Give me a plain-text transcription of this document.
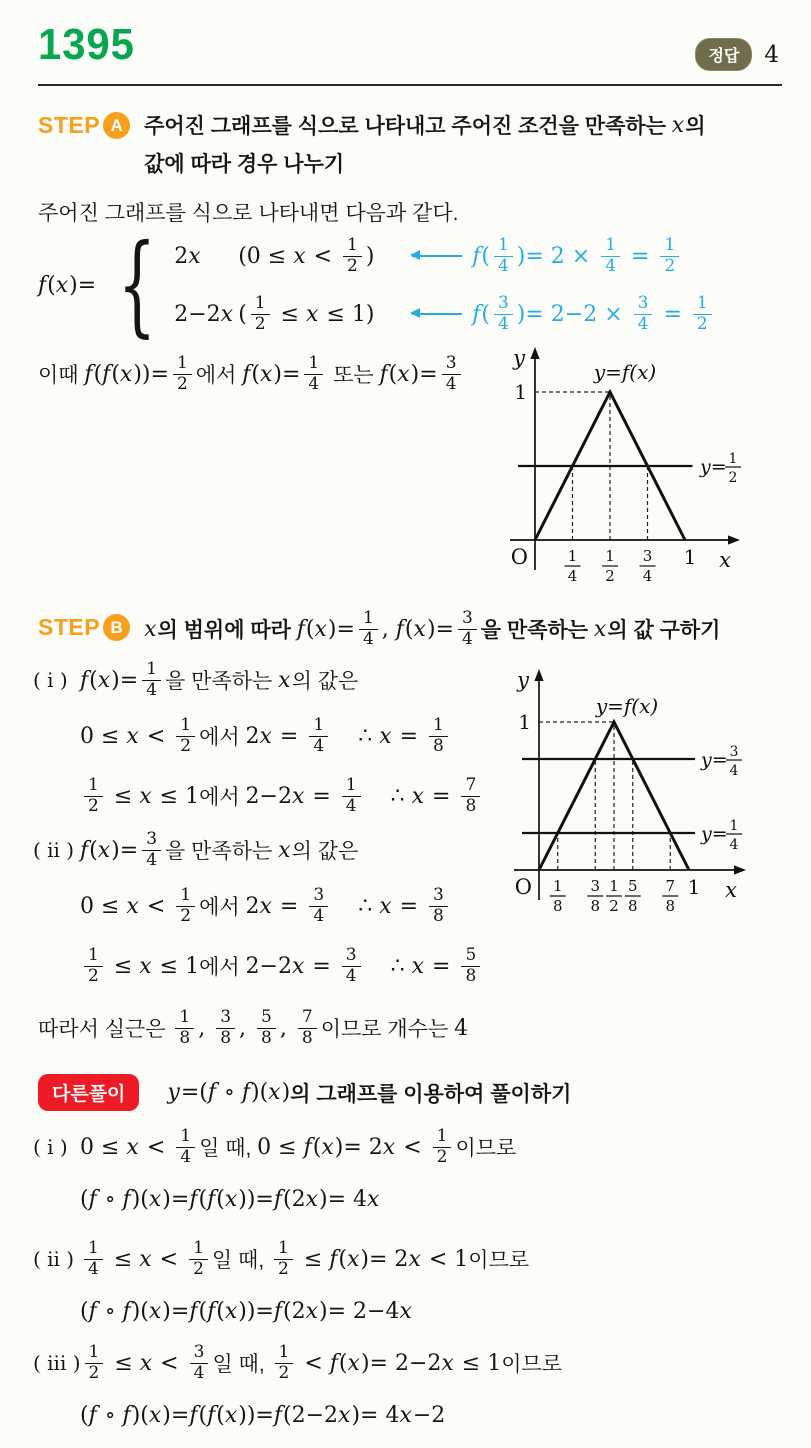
1395	정답	4
STEP A	주어진 그래프를 식으로 나타내고 주어진 조건을 만족하는 x 의
값에 따라 경우 나누기
주어진 그래프를 식으로 나타내면 다음과 같다.
f ( x )= { 2 x ($0 \le x < \frac{1}{2}$ )	f ( $\frac{1}{4}$ )= $2 \times \frac{1}{4} = \frac{1}{2}$
2−2 x ( $\frac{1}{2} \le x \le 1$)	f ( $\frac{3}{4}$ )= $2-2 \times \frac{3}{4} = \frac{1}{2}$
이때 f ( f ( x ))= $\frac{1}{2}$ 에서 f ( x )= $\frac{1}{4}$ 또는 f ( x )= $\frac{3}{4}$
x
y
O
1
y= 1
2
y=f(x)
1
4
1
2
3
4
1
STEP B x 의 범위에 따라 f ( x )= $\frac{1}{4}$ , f ( x )= $\frac{3}{4}$ 을 만족하는 x 의 값 구하기
( i ) f ( x )= $\frac{1}{4}$ 을 만족하는 x 의 값은
$0 \le x < \frac{1}{2}$ 에서 2 $x = \frac{1}{4}$ ∴ $x = \frac{1}{8}$
$\frac{1}{2} \le x \le 1$ 에서 2−2 $x = \frac{1}{4}$ ∴ $x = \frac{7}{8}$
x
y
O
1
y= 3
4
y= 1
4
y=f(x)
1
8
3
8
1
2
5
8
7
8
1
( ii ) f ( x )= $\frac{3}{4}$ 을 만족하는 x 의 값은
$0 \le x < \frac{1}{2}$ 에서 2 $x = \frac{3}{4}$ ∴ $x = \frac{3}{8}$
$\frac{1}{2} \le x \le 1$ 에서 2−2 $x = \frac{3}{4}$ ∴ $x = \frac{5}{8}$
따라서 실근은 $\frac{1}{8}$ , $\frac{3}{8}$ , $\frac{5}{8}$ , $\frac{7}{8}$ 이므로 개수는 4
다른풀이	y =( f ∘ f )( x ) 의 그래프를 이용하여 풀이하기
( i ) $0 \le x < \frac{1}{4}$ 일 때, 0 ≤ f ( x )= 2 $x < \frac{1}{2}$ 이므로
( f ∘ f )( x )= f ( f ( x ))= f (2 x )= 4 x
( ii ) $\frac{1}{4} \le x < \frac{1}{2}$ 일 때, $\frac{1}{2} \le f$ ( x )= 2 x < 1 이므로
( f ∘ f )( x )= f ( f ( x ))= f (2 x )= 2−4 x
( iii ) $\frac{1}{2} \le x < \frac{3}{4}$ 일 때, $\frac{1}{2} < f$ ( x )= 2−2 x ≤ 1 이므로
( f ∘ f )( x )= f ( f ( x ))= f (2−2 x )= 4 x −2
